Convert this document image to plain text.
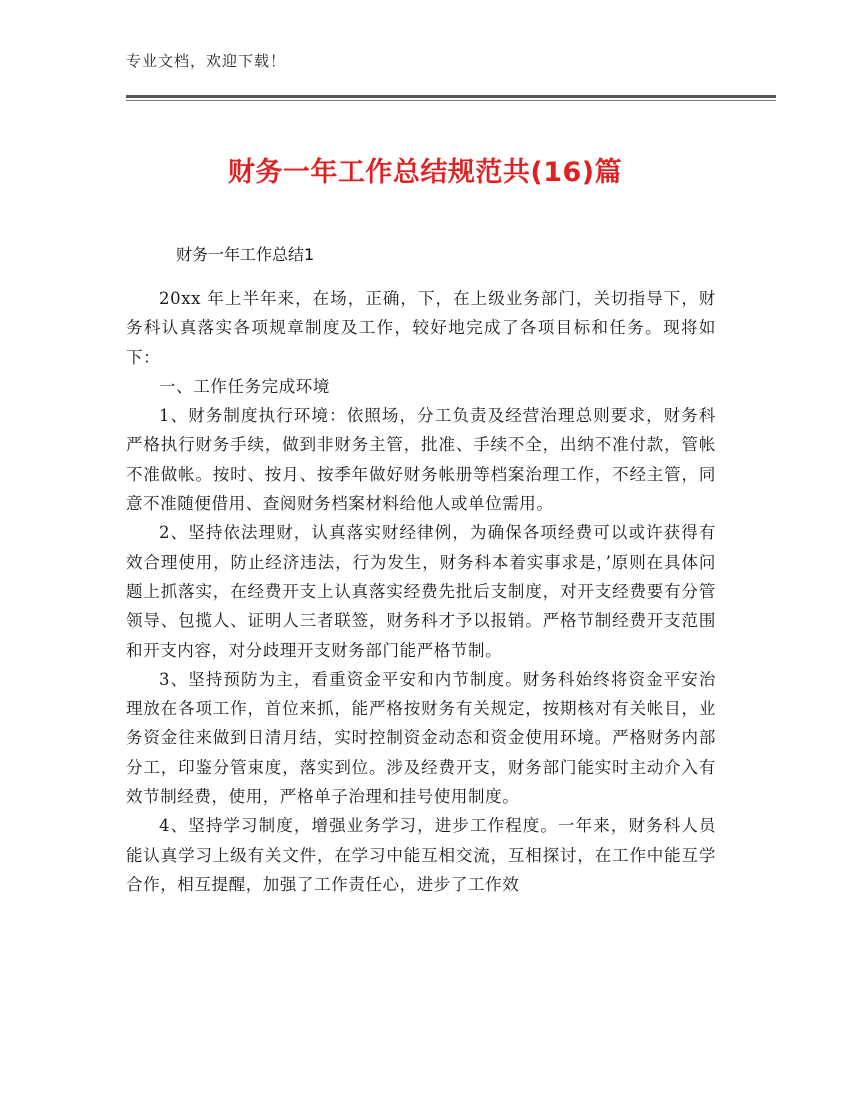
专业文档，欢迎下载！
财务一年工作总结规范共(16)篇
财务一年工作总结1

20xx 年上半年来，在场，正确，下，在上级业务部门，关切指导下，财务科认真落实各项规章制度及工作，较好地完成了各项目标和任务。现将如下：

一、工作任务完成环境

1、财务制度执行环境：依照场，分工负责及经营治理总则要求，财务科严格执行财务手续，做到非财务主管，批准、手续不全，出纳不准付款，管帐不准做帐。按时、按月、按季年做好财务帐册等档案治理工作，不经主管，同意不准随便借用、查阅财务档案材料给他人或单位需用。

2、坚持依法理财，认真落实财经律例，为确保各项经费可以或许获得有效合理使用，防止经济违法，行为发生，财务科本着实事求是，’原则在具体问题上抓落实，在经费开支上认真落实经费先批后支制度，对开支经费要有分管领导、包揽人、证明人三者联签，财务科才予以报销。严格节制经费开支范围和开支内容，对分歧理开支财务部门能严格节制。

3、坚持预防为主，看重资金平安和内节制度。财务科始终将资金平安治理放在各项工作，首位来抓，能严格按财务有关规定，按期核对有关帐目，业务资金往来做到日清月结，实时控制资金动态和资金使用环境。严格财务内部分工，印鉴分管束度，落实到位。涉及经费开支，财务部门能实时主动介入有效节制经费，使用，严格单子治理和挂号使用制度。

4、坚持学习制度，增强业务学习，进步工作程度。一年来，财务科人员能认真学习上级有关文件，在学习中能互相交流，互相探讨，在工作中能互学合作，相互提醒，加强了工作责任心，进步了工作效
